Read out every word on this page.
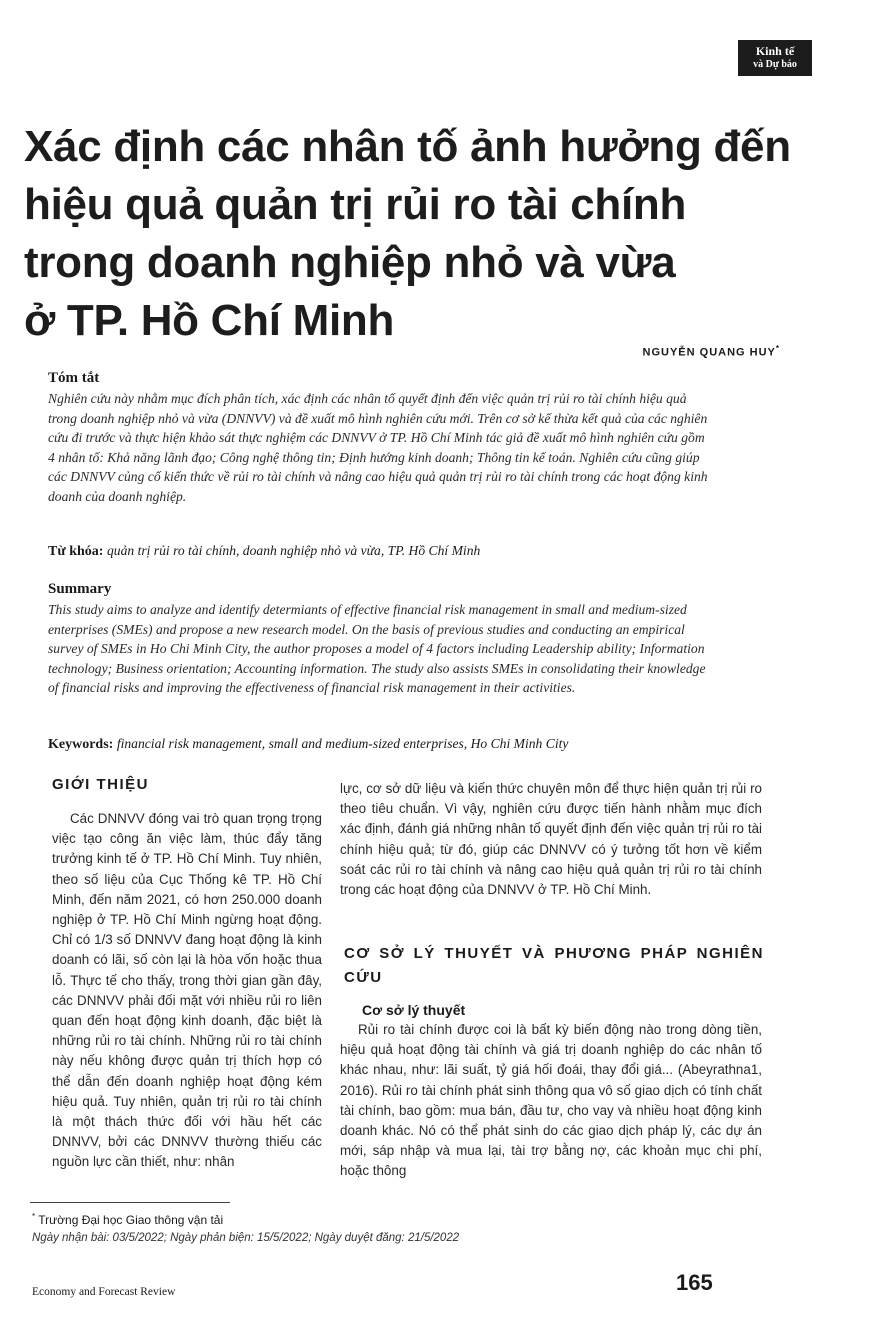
Kinh tế
và Dự báo
Xác định các nhân tố ảnh hưởng đến
hiệu quả quản trị rủi ro tài chính
trong doanh nghiệp nhỏ và vừa
ở TP. Hồ Chí Minh
NGUYỄN QUANG HUY*
Tóm tắt

Nghiên cứu này nhằm mục đích phân tích, xác định các nhân tố quyết định đến việc quản trị rủi ro tài chính hiệu quả trong doanh nghiệp nhỏ và vừa (DNNVV) và đề xuất mô hình nghiên cứu mới. Trên cơ sở kế thừa kết quả của các nghiên cứu đi trước và thực hiện khảo sát thực nghiệm các DNNVV ở TP. Hồ Chí Minh tác giả đề xuất mô hình nghiên cứu gồm 4 nhân tố: Khả năng lãnh đạo; Công nghệ thông tin; Định hướng kinh doanh; Thông tin kế toán. Nghiên cứu cũng giúp các DNNVV củng cố kiến thức về rủi ro tài chính và nâng cao hiệu quả quản trị rủi ro tài chính trong các hoạt động kinh doanh của doanh nghiệp.

Từ khóa: quản trị rủi ro tài chính, doanh nghiệp nhỏ và vừa, TP. Hồ Chí Minh

Summary

This study aims to analyze and identify determiants of effective financial risk management in small and medium-sized enterprises (SMEs) and propose a new research model. On the basis of previous studies and conducting an empirical survey of SMEs in Ho Chi Minh City, the author proposes a model of 4 factors including Leadership ability; Information technology; Business orientation; Accounting information. The study also assists SMEs in consolidating their knowledge of financial risks and improving the effectiveness of financial risk management in their activities.

Keywords: financial risk management, small and medium-sized enterprises, Ho Chi Minh City

GIỚI THIỆU

Các DNNVV đóng vai trò quan trọng trọng việc tạo công ăn việc làm, thúc đẩy tăng trưởng kinh tế ở TP. Hồ Chí Minh. Tuy nhiên, theo số liệu của Cục Thống kê TP. Hồ Chí Minh, đến năm 2021, có hơn 250.000 doanh nghiệp ở TP. Hồ Chí Minh ngừng hoạt động. Chỉ có 1/3 số DNNVV đang hoạt động là kinh doanh có lãi, số còn lại là hòa vốn hoặc thua lỗ. Thực tế cho thấy, trong thời gian gần đây, các DNNVV phải đối mặt với nhiều rủi ro liên quan đến hoạt động kinh doanh, đặc biệt là những rủi ro tài chính. Những rủi ro tài chính này nếu không được quản trị thích hợp có thể dẫn đến doanh nghiệp hoạt động kém hiệu quả. Tuy nhiên, quản trị rủi ro tài chính là một thách thức đối với hầu hết các DNNVV, bởi các DNNVV thường thiếu các nguồn lực cần thiết, như: nhân

lực, cơ sở dữ liệu và kiến thức chuyên môn để thực hiện quản trị rủi ro theo tiêu chuẩn. Vì vậy, nghiên cứu được tiến hành nhằm mục đích xác định, đánh giá những nhân tố quyết định đến việc quản trị rủi ro tài chính hiệu quả; từ đó, giúp các DNNVV có ý tưởng tốt hơn về kiểm soát các rủi ro tài chính và nâng cao hiệu quả quản trị rủi ro tài chính trong các hoạt động của DNNVV ở TP. Hồ Chí Minh.

CƠ SỞ LÝ THUYẾT VÀ PHƯƠNG PHÁP NGHIÊN CỨU
Cơ sở lý thuyết

Rủi ro tài chính được coi là bất kỳ biến động nào trong dòng tiền, hiệu quả hoạt động tài chính và giá trị doanh nghiệp do các nhân tố khác nhau, như: lãi suất, tỷ giá hối đoái, thay đổi giá... (Abeyrathna1, 2016). Rủi ro tài chính phát sinh thông qua vô số giao dịch có tính chất tài chính, bao gồm: mua bán, đầu tư, cho vay và nhiều hoạt động kinh doanh khác. Nó có thể phát sinh do các giao dịch pháp lý, các dự án mới, sáp nhập và mua lại, tài trợ bằng nợ, các khoản mục chi phí, hoặc thông

* Trường Đại học Giao thông vận tải
Ngày nhận bài: 03/5/2022; Ngày phản biện: 15/5/2022; Ngày duyệt đăng: 21/5/2022
Economy and Forecast Review	165
